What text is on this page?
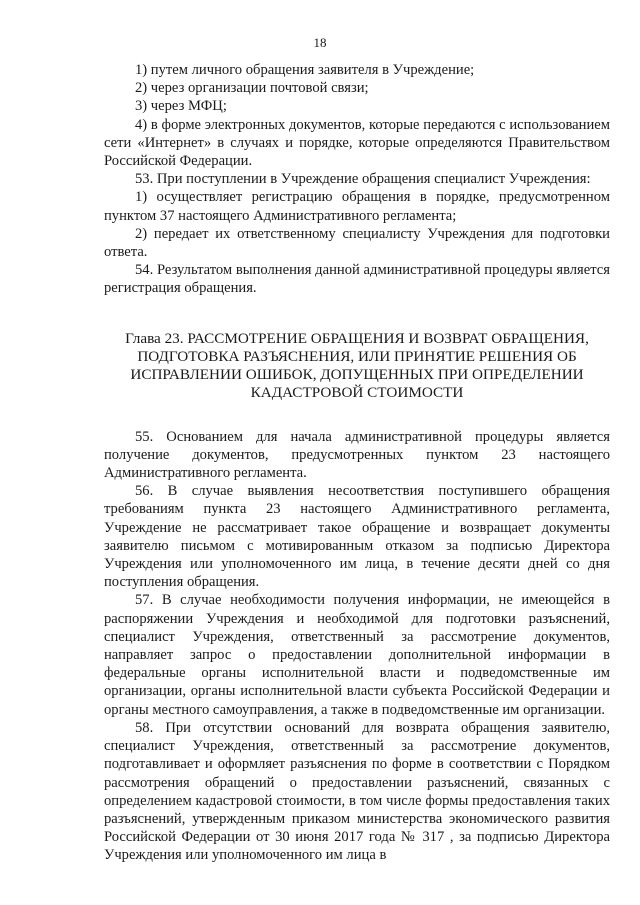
18

1) путем личного обращения заявителя в Учреждение;

2) через организации почтовой связи;

3) через МФЦ;

4) в форме электронных документов, которые передаются с использованием сети «Интернет» в случаях и порядке, которые определяются Правительством Российской Федерации.

53. При поступлении в Учреждение обращения специалист Учреждения:

1) осуществляет регистрацию обращения в порядке, предусмотренном пунктом 37 настоящего Административного регламента;

2) передает их ответственному специалисту Учреждения для подготовки ответа.

54. Результатом выполнения данной административной процедуры является регистрация обращения.

Глава 23. РАССМОТРЕНИЕ ОБРАЩЕНИЯ И ВОЗВРАТ ОБРАЩЕНИЯ,
ПОДГОТОВКА РАЗЪЯСНЕНИЯ, ИЛИ ПРИНЯТИЕ РЕШЕНИЯ ОБ
ИСПРАВЛЕНИИ ОШИБОК, ДОПУЩЕННЫХ ПРИ ОПРЕДЕЛЕНИИ
КАДАСТРОВОЙ СТОИМОСТИ

55. Основанием для начала административной процедуры является получение документов, предусмотренных пунктом 23 настоящего Административного регламента.

56. В случае выявления несоответствия поступившего обращения требованиям пункта 23 настоящего Административного регламента, Учреждение не рассматривает такое обращение и возвращает документы заявителю письмом с мотивированным отказом за подписью Директора Учреждения или уполномоченного им лица, в течение десяти дней со дня поступления обращения.

57. В случае необходимости получения информации, не имеющейся в распоряжении Учреждения и необходимой для подготовки разъяснений, специалист Учреждения, ответственный за рассмотрение документов, направляет запрос о предоставлении дополнительной информации в федеральные органы исполнительной власти и подведомственные им организации, органы исполнительной власти субъекта Российской Федерации и органы местного самоуправления, а также в подведомственные им организации.

58. При отсутствии оснований для возврата обращения заявителю, специалист Учреждения, ответственный за рассмотрение документов, подготавливает и оформляет разъяснения по форме в соответствии с Порядком рассмотрения обращений о предоставлении разъяснений, связанных с определением кадастровой стоимости, в том числе формы предоставления таких разъяснений, утвержденным приказом министерства экономического развития Российской Федерации от 30 июня 2017 года № 317 , за подписью Директора Учреждения или уполномоченного им лица в
